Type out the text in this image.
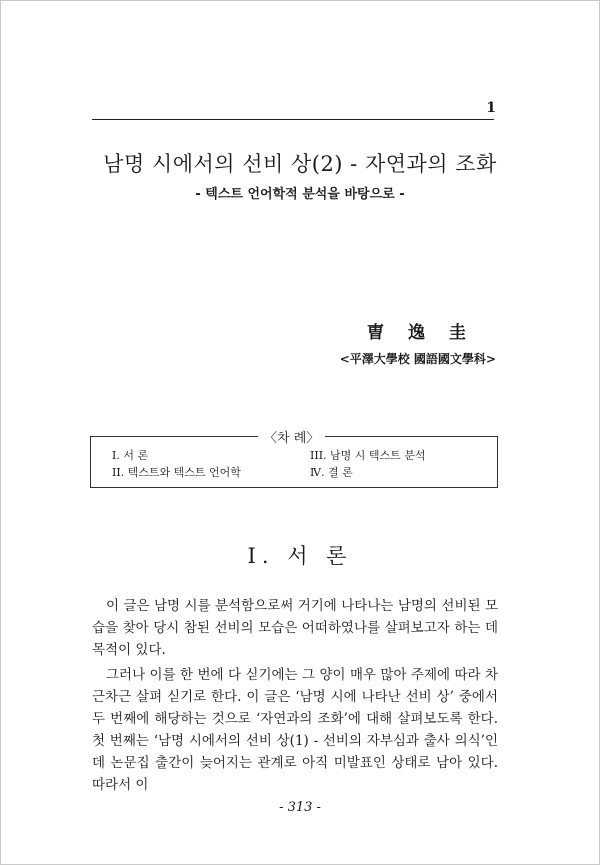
1
남명 시에서의 선비 상(2) - 자연과의 조화
- 텍스트 언어학적 분석을 바탕으로 -
曺逸圭
<平澤大學校 國語國文學科>
〈차 례〉
I. 서 론
II. 텍스트와 텍스트 언어학
III. 남명 시 텍스트 분석
Ⅳ. 결 론
I. 서 론

이 글은 남명 시를 분석함으로써 거기에 나타나는 남명의 선비된 모습을 찾아 당시 참된 선비의 모습은 어떠하였나를 살펴보고자 하는 데 목적이 있다.

그러나 이를 한 번에 다 싣기에는 그 양이 매우 많아 주제에 따라 차근차근 살펴 싣기로 한다. 이 글은 ‘남명 시에 나타난 선비 상’ 중에서 두 번째에 해당하는 것으로 ‘자연과의 조화’에 대해 살펴보도록 한다. 첫 번째는 ‘남명 시에서의 선비 상(1) - 선비의 자부심과 출사 의식’인데 논문집 출간이 늦어지는 관계로 아직 미발표인 상태로 남아 있다. 따라서 이

- 313 -
